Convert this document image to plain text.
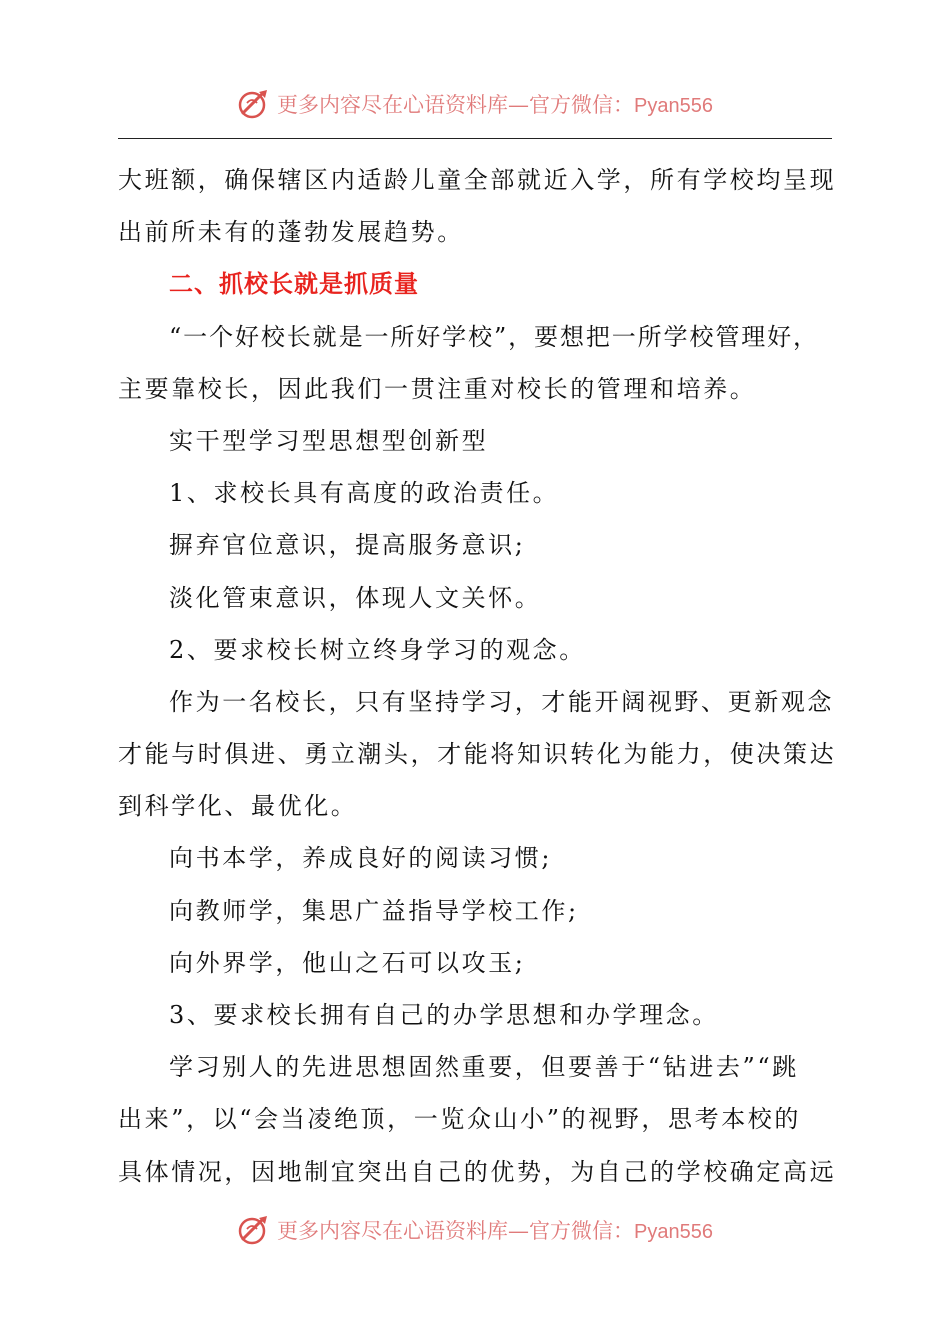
更多内容尽在心语资料库—官方微信：Pyan556
大班额，确保辖区内适龄儿童全部就近入学，所有学校均呈现
出前所未有的蓬勃发展趋势。
二、抓校长就是抓质量
“一个好校长就是一所好学校”，要想把一所学校管理好，
主要靠校长，因此我们一贯注重对校长的管理和培养。
实干型学习型思想型创新型
1、求校长具有高度的政治责任。
摒弃官位意识，提高服务意识;
淡化管束意识，体现人文关怀。
2、要求校长树立终身学习的观念。
作为一名校长，只有坚持学习，才能开阔视野、更新观念
才能与时俱进、勇立潮头，才能将知识转化为能力，使决策达
到科学化、最优化。
向书本学，养成良好的阅读习惯;
向教师学，集思广益指导学校工作;
向外界学，他山之石可以攻玉;
3、要求校长拥有自己的办学思想和办学理念。
学习别人的先进思想固然重要，但要善于“钻进去”“跳
出来”，以“会当凌绝顶，一览众山小”的视野，思考本校的
具体情况，因地制宜突出自己的优势，为自己的学校确定高远
更多内容尽在心语资料库—官方微信：Pyan556
